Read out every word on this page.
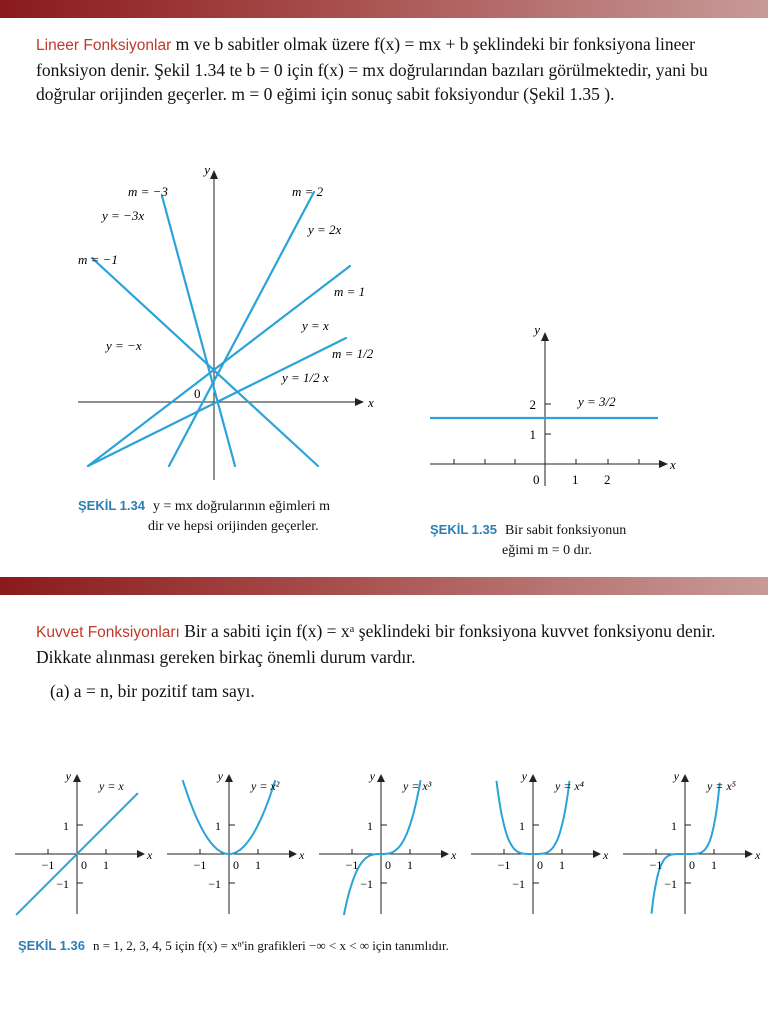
Lineer Fonksiyonlar m ve b sabitler olmak üzere f(x) = mx + b şeklindeki bir fonksiyona lineer fonksiyon denir. Şekil 1.34 te b = 0 için f(x) = mx doğrularından bazıları görülmektedir, yani bu doğrular orijinden geçerler. m = 0 eğimi için sonuç sabit foksiyondur (Şekil 1.35 ).
y
x
0
m = −3
y = −3x
m = 2
y = 2x
m = −1
y = −x
m = 1
y = x
m = 1/2
y = 1/2 x
y
x
0
1
2
1 2
y = 3/2
ŞEKİL 1.34 y = mx doğrularının eğimleri m
dir ve hepsi orijinden geçerler.	ŞEKİL 1.35 Bir sabit fonksiyonun
eğimi m = 0 dır.
Kuvvet Fonksiyonları Bir a sabiti için f(x) = xᵃ şeklindeki bir fonksiyona kuvvet fonksiyonu denir. Dikkate alınması gereken birkaç önemli durum vardır.
(a) a = n, bir pozitif tam sayı.
y = x
y
x
0 1
−1
1
−1
y = x²
y
x
0 1
−1
1
−1
y = x³
y
x
0 1
−1
1
−1
y = x⁴
y
x
0 1
−1
1
−1
y = x⁵
y
x
0 1
−1
1
−1
ŞEKİL 1.36 n = 1, 2, 3, 4, 5 için f(x) = xⁿ'in grafikleri −∞ < x < ∞ için tanımlıdır.
